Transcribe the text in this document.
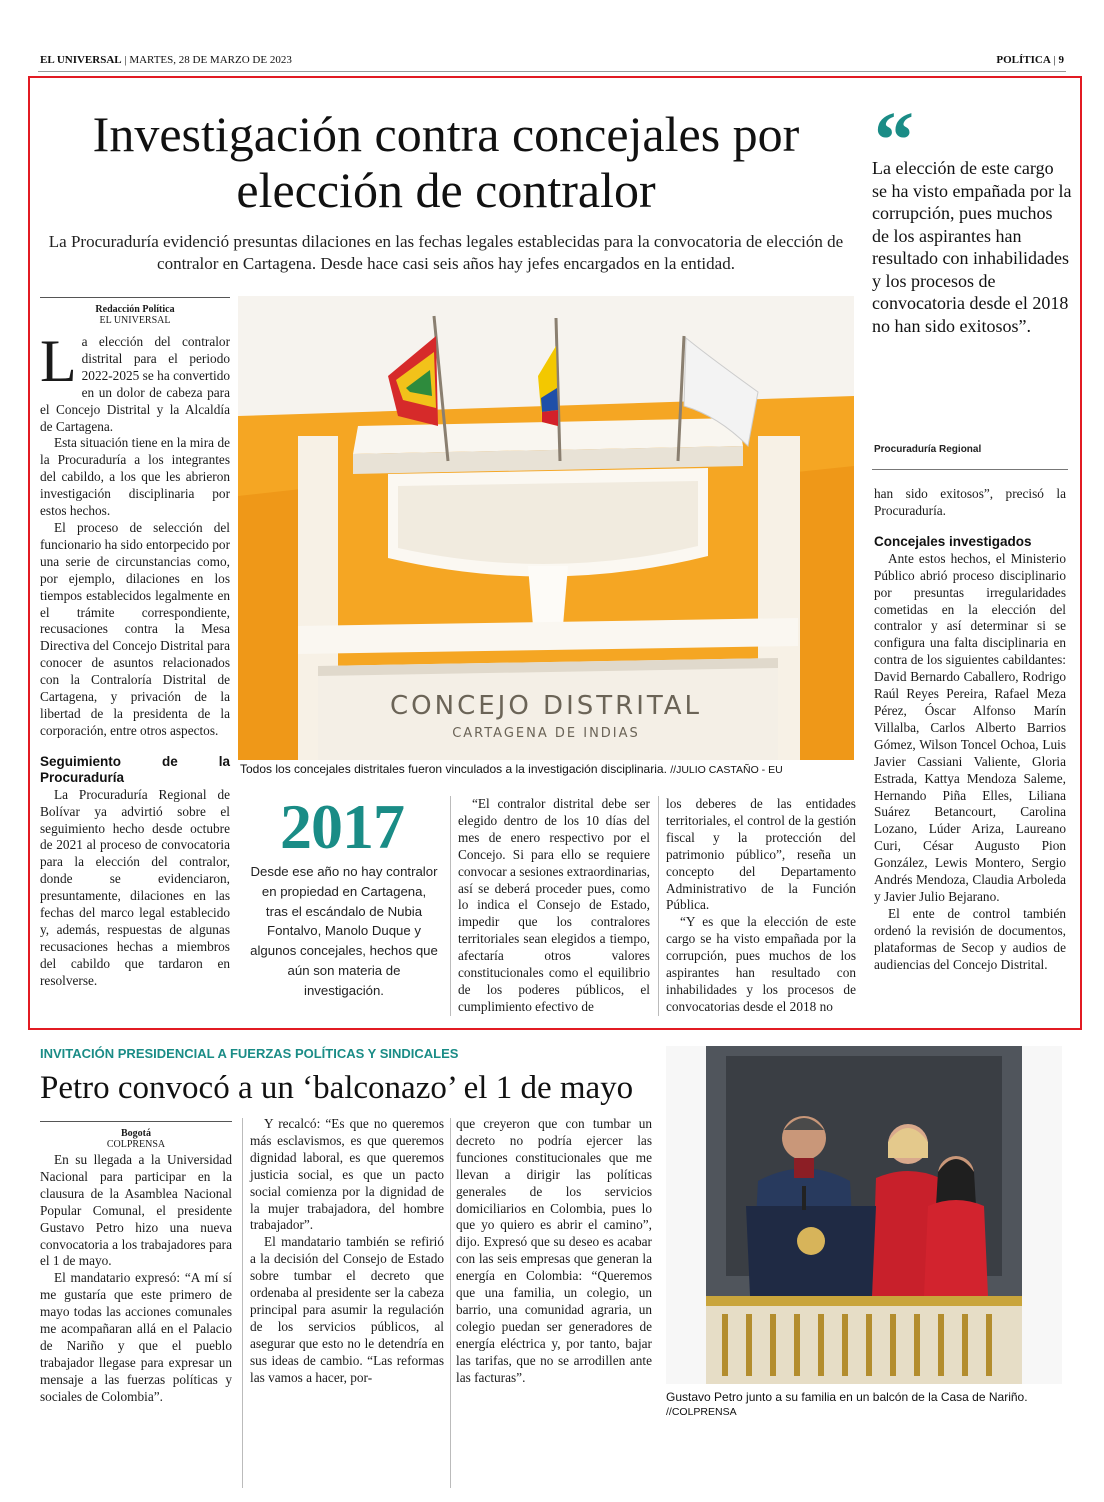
EL UNIVERSAL | MARTES, 28 DE MARZO DE 2023	POLÍTICA | 9
Investigación contra concejales por elección de contralor
La Procuraduría evidenció presuntas dilaciones en las fechas legales establecidas para la convocatoria de elección de contralor en Cartagena. Desde hace casi seis años hay jefes encargados en la entidad.
Redacción Política
EL UNIVERSAL

La elección del contralor distrital para el periodo 2022-2025 se ha convertido en un dolor de cabeza para el Concejo Distrital y la Alcaldía de Cartagena.

Esta situación tiene en la mira de la Procuraduría a los integrantes del cabildo, a los que les abrieron investigación disciplinaria por estos hechos.

El proceso de selección del funcionario ha sido entorpecido por una serie de circunstancias como, por ejemplo, dilaciones en los tiempos establecidos legalmente en el trámite correspondiente, recusaciones contra la Mesa Directiva del Concejo Distrital para conocer de asuntos relacionados con la Contraloría Distrital de Cartagena, y privación de la libertad de la presidenta de la corporación, entre otros aspectos.

Seguimiento de la Procuraduría

La Procuraduría Regional de Bolívar ya advirtió sobre el seguimiento hecho desde octubre de 2021 al proceso de convocatoria para la elección del contralor, donde se evidenciaron, presuntamente, dilaciones en las fechas del marco legal establecido y, además, respuestas de algunas recusaciones hechas a miembros del cabildo que tardaron en resolverse.

CONCEJO DISTRITAL
CARTAGENA DE INDIAS
Todos los concejales distritales fueron vinculados a la investigación disciplinaria. //JULIO CASTAÑO - EU
2017
Desde ese año no hay contralor en propiedad en Cartagena, tras el escándalo de Nubia Fontalvo, Manolo Duque y algunos concejales, hechos que aún son materia de investigación.

“El contralor distrital debe ser elegido dentro de los 10 días del mes de enero respectivo por el Concejo. Si para ello se requiere convocar a sesiones extraordinarias, así se deberá proceder pues, como lo indica el Consejo de Estado, impedir que los contralores territoriales sean elegidos a tiempo, afectaría otros valores constitucionales como el equilibrio de los poderes públicos, el cumplimiento efectivo de

los deberes de las entidades territoriales, el control de la gestión fiscal y la protección del patrimonio público”, reseña un concepto del Departamento Administrativo de la Función Pública.

“Y es que la elección de este cargo se ha visto empañada por la corrupción, pues muchos de los aspirantes han resultado con inhabilidades y los procesos de convocatorias desde el 2018 no

“
La elección de este cargo se ha visto empañada por la corrupción, pues muchos de los aspirantes han resultado con inhabilidades y los procesos de convocatoria desde el 2018 no han sido exitosos”.
Procuraduría Regional

han sido exitosos”, precisó la Procuraduría.

Concejales investigados

Ante estos hechos, el Ministerio Público abrió proceso disciplinario por presuntas irregularidades cometidas en la elección del contralor y así determinar si se configura una falta disciplinaria en contra de los siguientes cabildantes: David Bernardo Caballero, Rodrigo Raúl Reyes Pereira, Rafael Meza Pérez, Óscar Alfonso Marín Villalba, Carlos Alberto Barrios Gómez, Wilson Toncel Ochoa, Luis Javier Cassiani Valiente, Gloria Estrada, Kattya Mendoza Saleme, Hernando Piña Elles, Liliana Suárez Betancourt, Carolina Lozano, Lúder Ariza, Laureano Curi, César Augusto Pion González, Lewis Montero, Sergio Andrés Mendoza, Claudia Arboleda y Javier Julio Bejarano.

El ente de control también ordenó la revisión de documentos, plataformas de Secop y audios de audiencias del Concejo Distrital.

INVITACIÓN PRESIDENCIAL A FUERZAS POLÍTICAS Y SINDICALES
Petro convocó a un ‘balconazo’ el 1 de mayo
Bogotá
COLPRENSA

En su llegada a la Universidad Nacional para participar en la clausura de la Asamblea Nacional Popular Comunal, el presidente Gustavo Petro hizo una nueva convocatoria a los trabajadores para el 1 de mayo.

El mandatario expresó: “A mí sí me gustaría que este primero de mayo todas las acciones comunales me acompañaran allá en el Palacio de Nariño y que el pueblo trabajador llegase para expresar un mensaje a las fuerzas políticas y sociales de Colombia”.

Y recalcó: “Es que no queremos más esclavismos, es que queremos dignidad laboral, es que queremos justicia social, es que un pacto social comienza por la dignidad de la mujer trabajadora, del hombre trabajador”.

El mandatario también se refirió a la decisión del Consejo de Estado sobre tumbar el decreto que ordenaba al presidente ser la cabeza principal para asumir la regulación de los servicios públicos, al asegurar que esto no le detendría en sus ideas de cambio. “Las reformas las vamos a hacer, por-

que creyeron que con tumbar un decreto no podría ejercer las funciones constitucionales que me llevan a dirigir las políticas generales de los servicios domiciliarios en Colombia, pues lo que yo quiero es abrir el camino”, dijo. Expresó que su deseo es acabar con las seis empresas que generan la energía en Colombia: “Queremos que una familia, un colegio, un barrio, una comunidad agraria, un colegio puedan ser generadores de energía eléctrica y, por tanto, bajar las tarifas, que no se arrodillen ante las facturas”.

Gustavo Petro junto a su familia en un balcón de la Casa de Nariño.
//COLPRENSA
